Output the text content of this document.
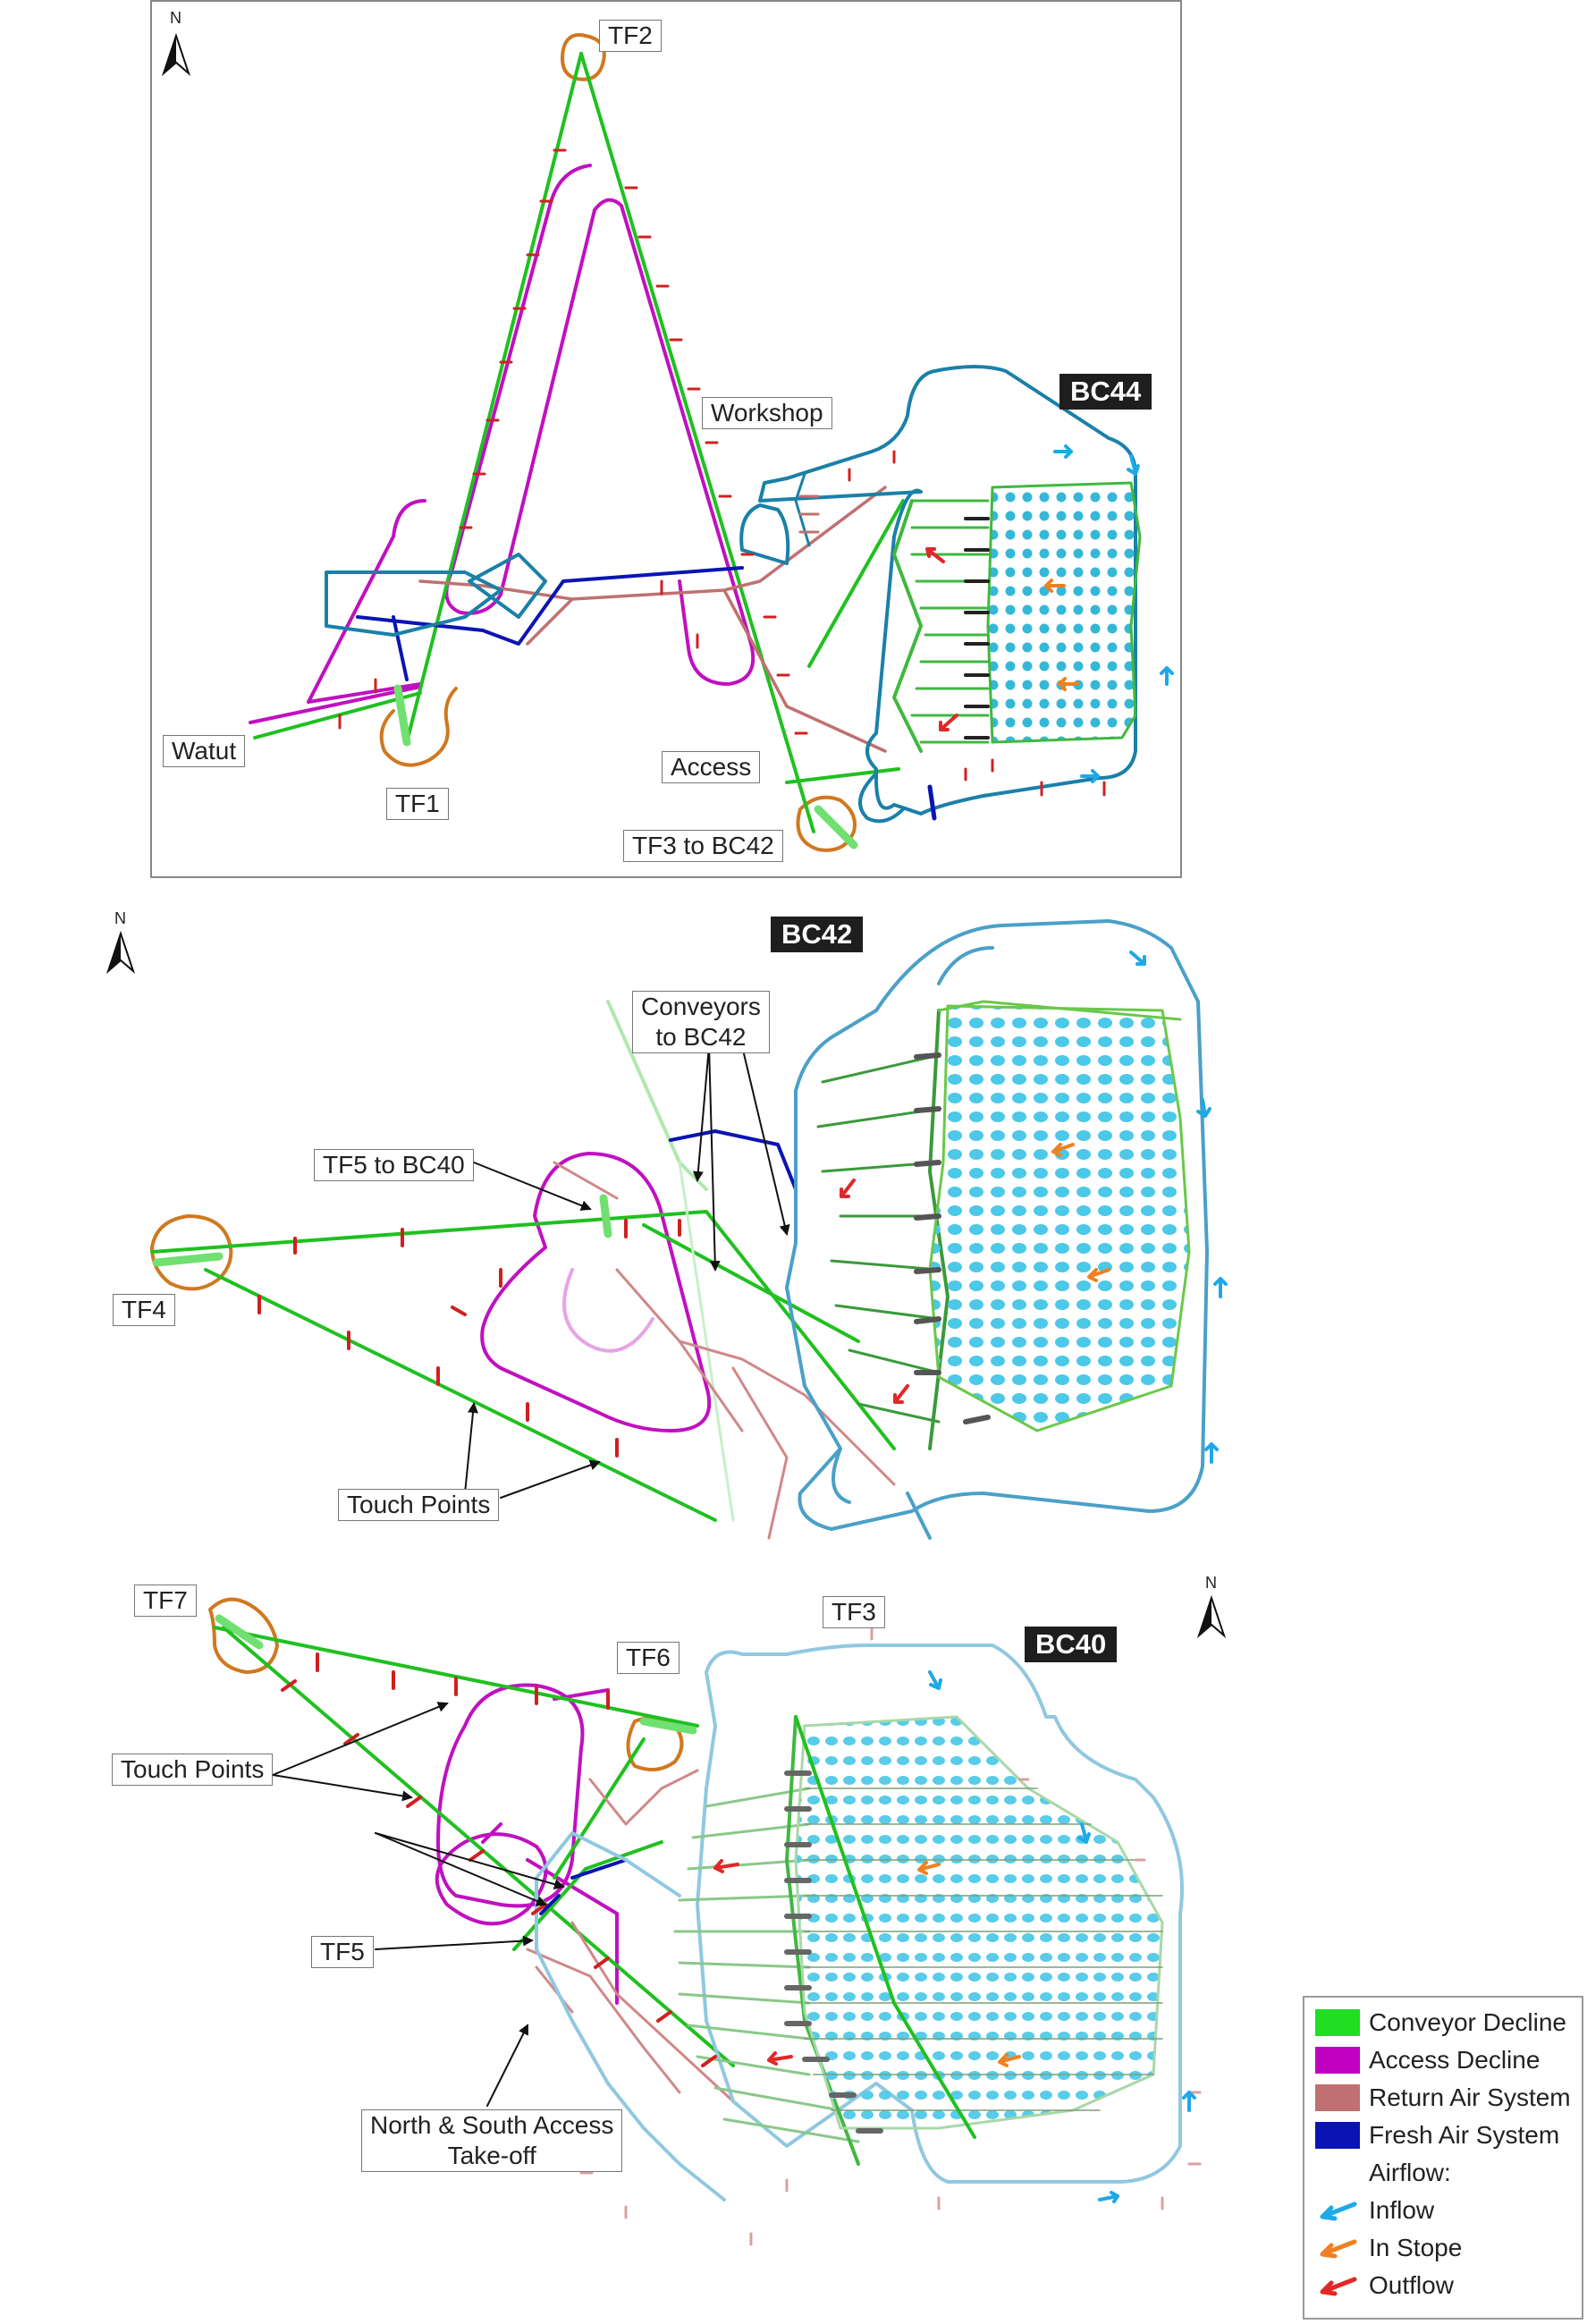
N
N
N
BC44
TF2
Workshop
Watut
TF1
Access
TF3 to BC42
BC42
Conveyors
to BC42
TF5 to BC40
TF4
Touch Points
BC40
TF7	TF3
TF6
Touch Points
TF5
North & South Access
Take-off
Conveyor Decline
Access Decline
Return Air System
Fresh Air System
Airflow:
Inflow
In Stope
Outflow
